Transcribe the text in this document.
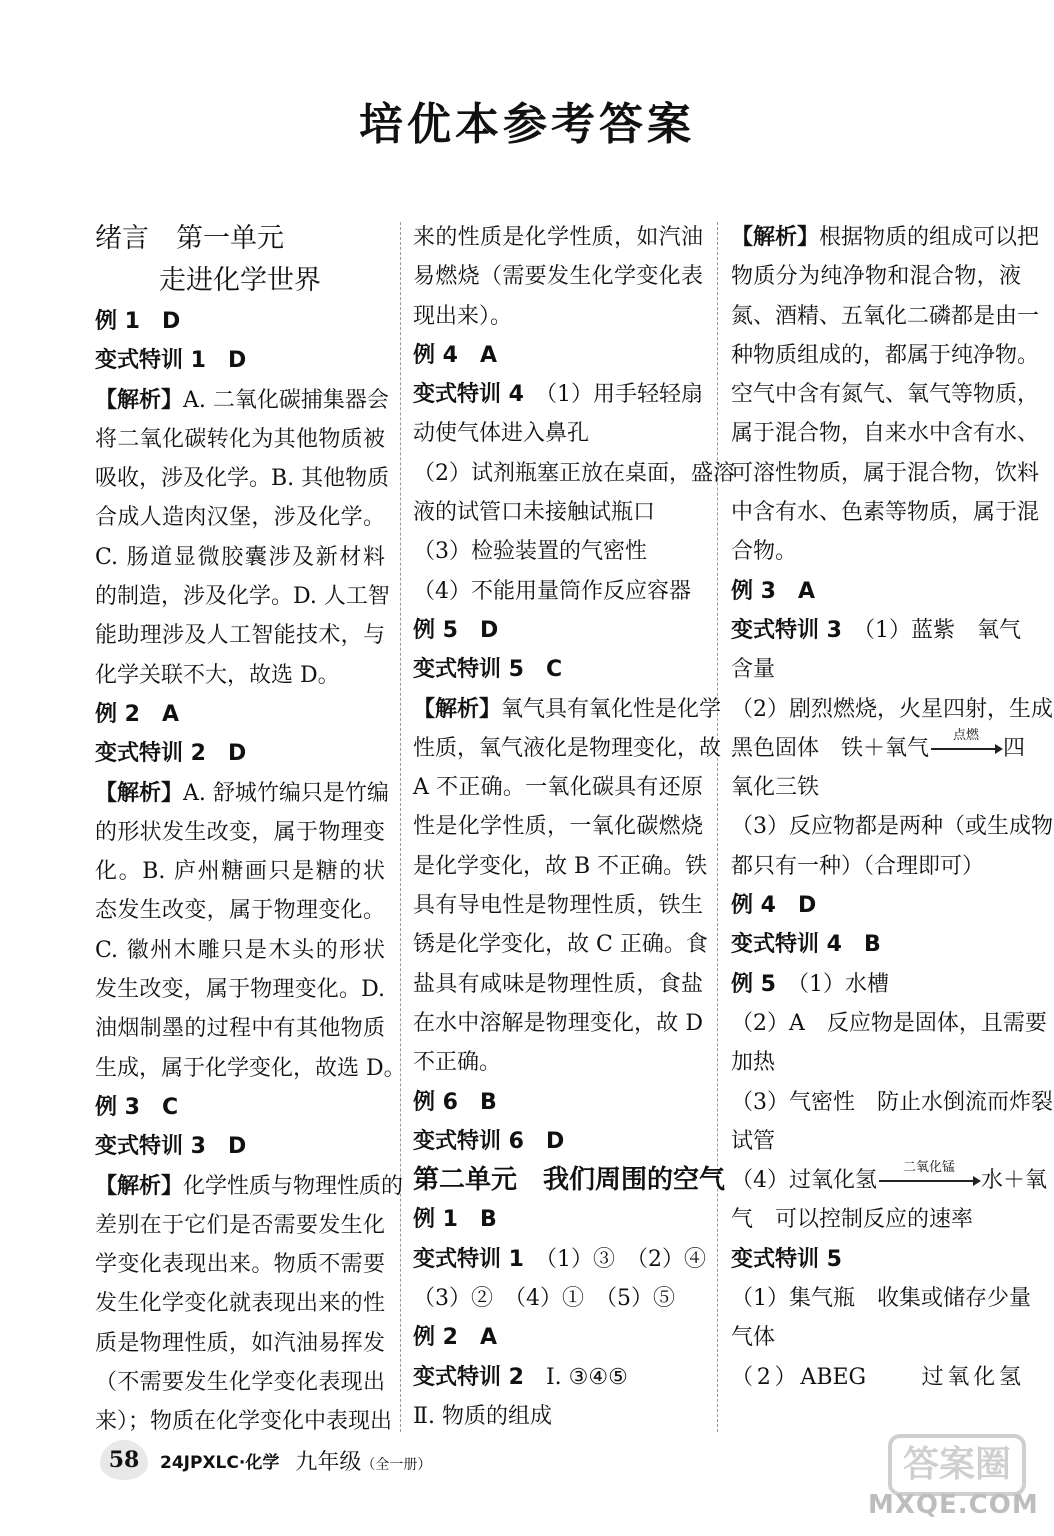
培优本参考答案
绪言　第一单元
走进化学世界
例 1　D
变式特训 1　D
【解析】A. 二氧化碳捕集器会
将二氧化碳转化为其他物质被
吸收，涉及化学。B. 其他物质
合成人造肉汉堡，涉及化学。
C. 肠道显微胶囊涉及新材料
的制造，涉及化学。D. 人工智
能助理涉及人工智能技术，与
化学关联不大，故选 D。
例 2　A
变式特训 2　D
【解析】A. 舒城竹编只是竹编
的形状发生改变，属于物理变
化。B. 庐州糖画只是糖的状
态发生改变，属于物理变化。
C. 徽州木雕只是木头的形状
发生改变，属于物理变化。D.
油烟制墨的过程中有其他物质
生成，属于化学变化，故选 D。
例 3　C
变式特训 3　D
【解析】化学性质与物理性质的
差别在于它们是否需要发生化
学变化表现出来。物质不需要
发生化学变化就表现出来的性
质是物理性质，如汽油易挥发
（不需要发生化学变化表现出
来）；物质在化学变化中表现出
来的性质是化学性质，如汽油
易燃烧（需要发生化学变化表
现出来）。
例 4　A
变式特训 4　（1）用手轻轻扇
动使气体进入鼻孔
（2）试剂瓶塞正放在桌面，盛溶
液的试管口未接触试瓶口
（3）检验装置的气密性
（4）不能用量筒作反应容器
例 5　D
变式特训 5　C
【解析】氧气具有氧化性是化学
性质，氧气液化是物理变化，故
A 不正确。一氧化碳具有还原
性是化学性质，一氧化碳燃烧
是化学变化，故 B 不正确。铁
具有导电性是物理性质，铁生
锈是化学变化，故 C 正确。食
盐具有咸味是物理性质，食盐
在水中溶解是物理变化，故 D
不正确。
例 6　B
变式特训 6　D
第二单元　我们周围的空气
例 1　B
变式特训 1　（1）③　（2）④
（3）②　（4）①　（5）⑤
例 2　A
变式特训 2　Ⅰ. ③④⑤
Ⅱ. 物质的组成
【解析】根据物质的组成可以把
物质分为纯净物和混合物，液
氮、酒精、五氧化二磷都是由一
种物质组成的，都属于纯净物。
空气中含有氮气、氧气等物质，
属于混合物，自来水中含有水、
可溶性物质，属于混合物，饮料
中含有水、色素等物质，属于混
合物。
例 3　A
变式特训 3　（1）蓝紫　氧气
含量
（2）剧烈燃烧，火星四射，生成
黑色固体　铁＋氧气
点燃
四
氧化三铁
（3）反应物都是两种（或生成物
都只有一种）（合理即可）
例 4　D
变式特训 4　B
例 5　（1）水槽
（2）A　反应物是固体，且需要
加热
（3）气密性　防止水倒流而炸裂
试管
（4）过氧化氢
二氧化锰
水＋氧
气　可以控制反应的速率
变式特训 5
（1）集气瓶　收集或储存少量
气体
（2）ABEG　　过氧化氢
58	24JPXLC·化学 九年级（全一册）	答案圈
MXQE.COM
